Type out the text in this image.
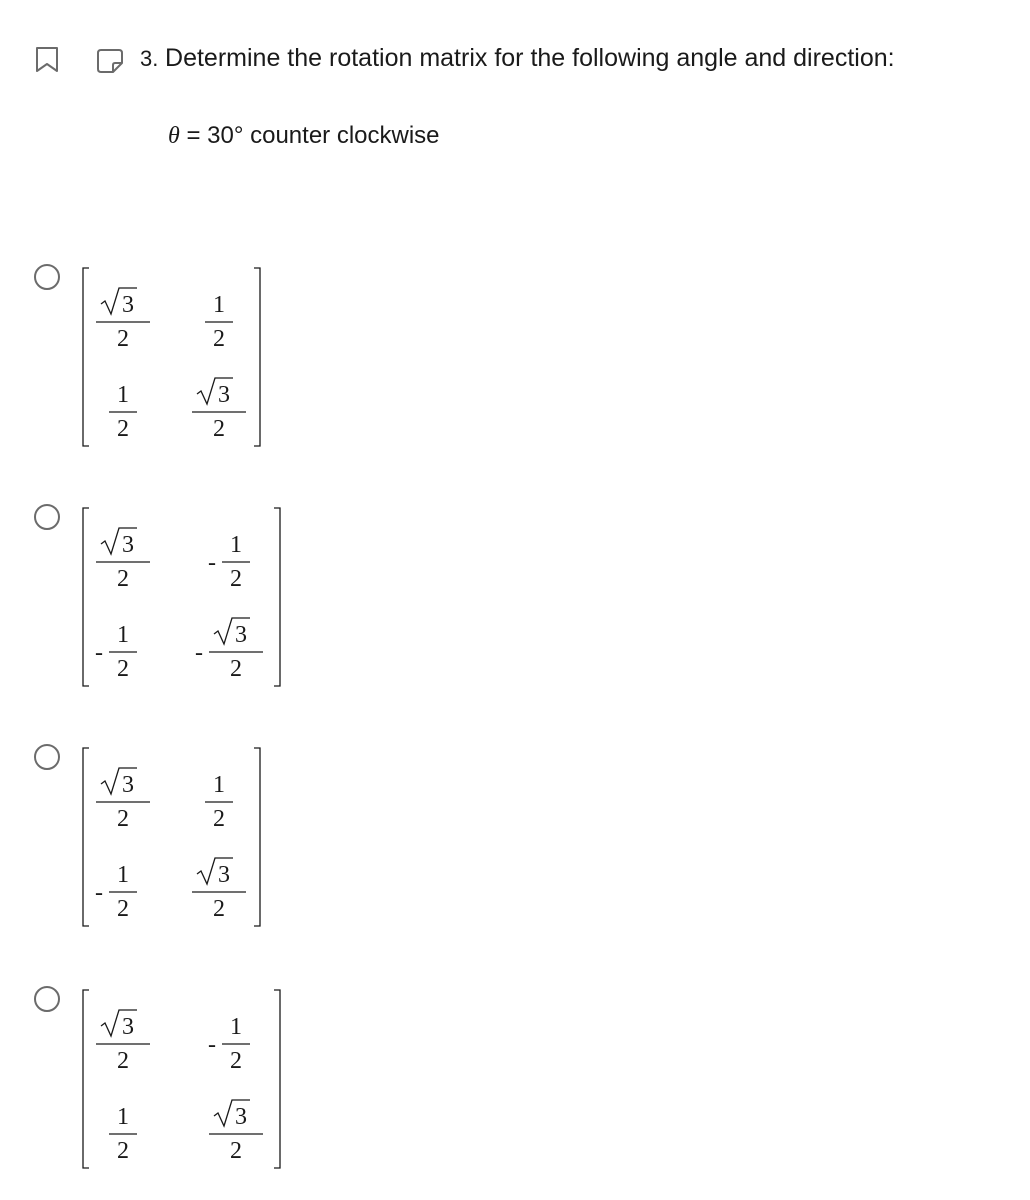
3. Determine the rotation matrix for the following angle and direction:
θ = 30° counter clockwise
3
2
1
2
1
2
3
2
3
2
-
1
2
-
1
2
-
3
2
3
2
1
2
-
1
2
3
2
3
2
-
1
2
1
2
3
2
